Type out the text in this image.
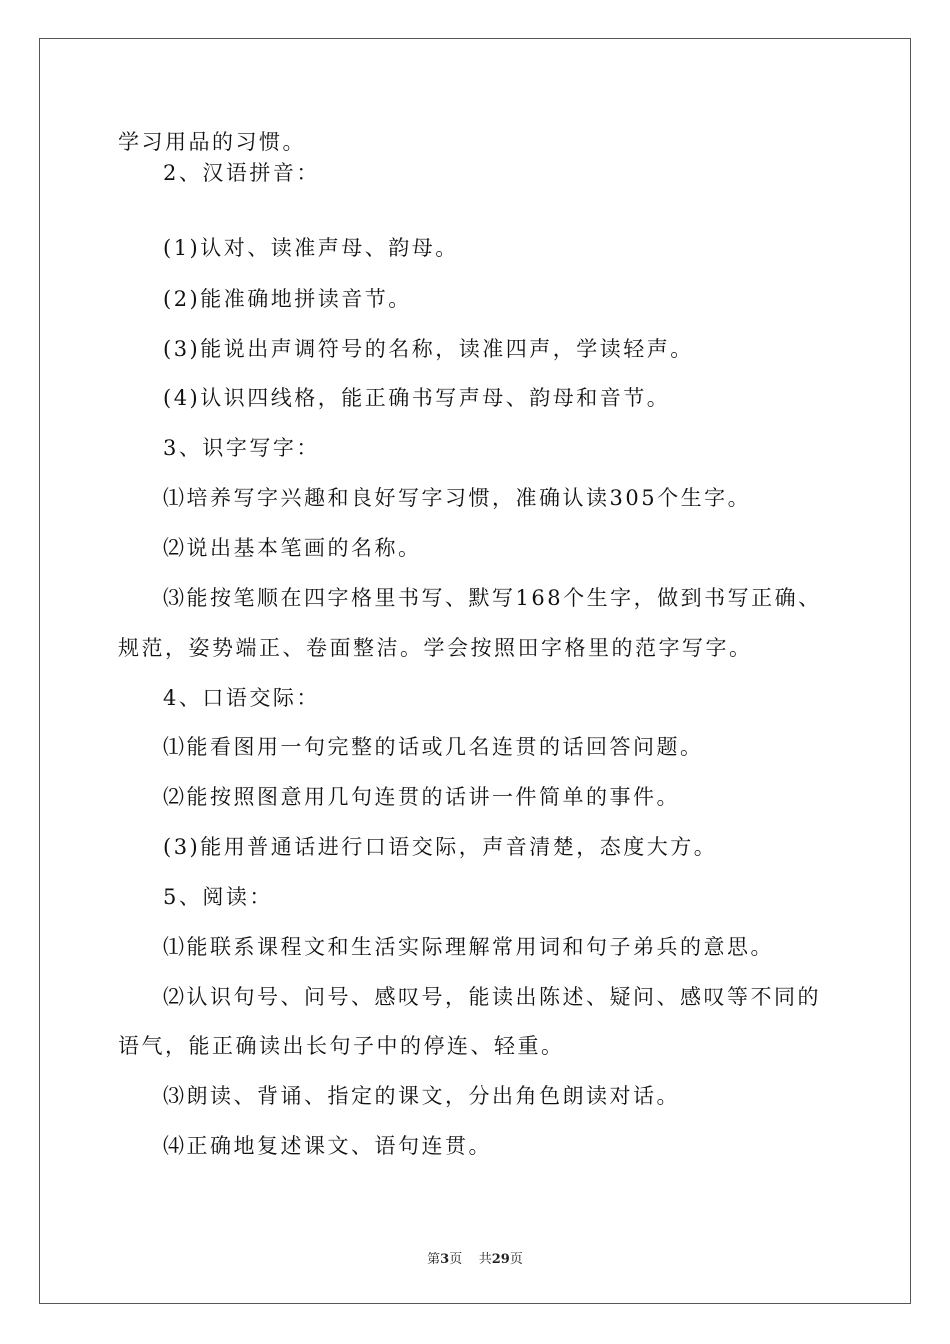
学习用品的习惯。
2、汉语拼音：
(1)认对、读准声母、韵母。
(2)能准确地拼读音节。
(3)能说出声调符号的名称，读准四声，学读轻声。
(4)认识四线格，能正确书写声母、韵母和音节。
3、识字写字：
⑴培养写字兴趣和良好写字习惯，准确认读305个生字。
⑵说出基本笔画的名称。
⑶能按笔顺在四字格里书写、默写168个生字，做到书写正确、
规范，姿势端正、卷面整洁。学会按照田字格里的范字写字。
4、口语交际：
⑴能看图用一句完整的话或几名连贯的话回答问题。
⑵能按照图意用几句连贯的话讲一件简单的事件。
(3)能用普通话进行口语交际，声音清楚，态度大方。
5、阅读：
⑴能联系课程文和生活实际理解常用词和句子弟兵的意思。
⑵认识句号、问号、感叹号，能读出陈述、疑问、感叹等不同的
语气，能正确读出长句子中的停连、轻重。
⑶朗读、背诵、指定的课文，分出角色朗读对话。
⑷正确地复述课文、语句连贯。
第3页 共29页
